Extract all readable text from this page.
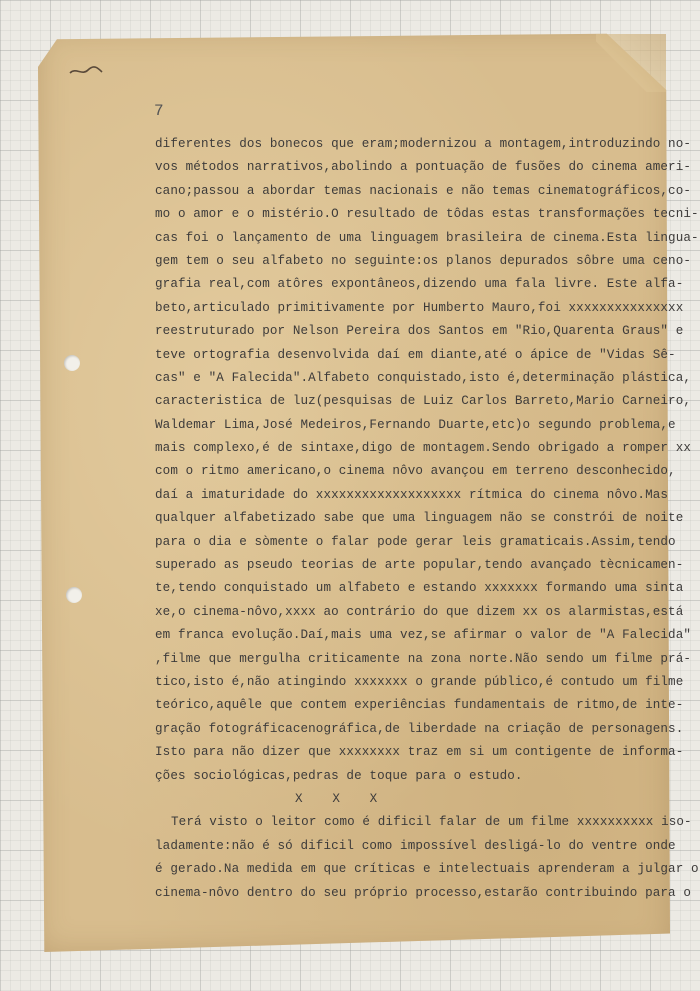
7
diferentes dos bonecos que eram;modernizou a montagem,introduzindo no-
vos métodos narrativos,abolindo a pontuação de fusões do cinema ameri-
cano;passou a abordar temas nacionais e não temas cinematográficos,co-
mo o amor e o mistério.O resultado de tôdas estas transformações tecni-
cas foi o lançamento de uma linguagem brasileira de cinema.Esta lingua-
gem tem o seu alfabeto no seguinte:os planos depurados sôbre uma ceno-
grafia real,com atôres expontâneos,dizendo uma fala livre. Este alfa-
beto,articulado primitivamente por Humberto Mauro,foi xxxxxxxxxxxxxxx
reestruturado por Nelson Pereira dos Santos em "Rio,Quarenta Graus" e
teve ortografia desenvolvida daí em diante,até o ápice de "Vidas Sê-
cas" e "A Falecida".Alfabeto conquistado,isto é,determinação plástica,
caracteristica de luz(pesquisas de Luiz Carlos Barreto,Mario Carneiro,
Waldemar Lima,José Medeiros,Fernando Duarte,etc)o segundo problema,e
mais complexo,é de sintaxe,digo de montagem.Sendo obrigado a romper xx
com o ritmo americano,o cinema nôvo avançou em terreno desconhecido,
daí a imaturidade do xxxxxxxxxxxxxxxxxxx rítmica do cinema nôvo.Mas
qualquer alfabetizado sabe que uma linguagem não se constrói de noite
para o dia e sòmente o falar pode gerar leis gramaticais.Assim,tendo
superado as pseudo teorias de arte popular,tendo avançado tècnicamen-
te,tendo conquistado um alfabeto e estando xxxxxxx formando uma sinta
xe,o cinema-nôvo,xxxx ao contrário do que dizem xx os alarmistas,está
em franca evolução.Daí,mais uma vez,se afirmar o valor de "A Falecida"
,filme que mergulha criticamente na zona norte.Não sendo um filme prá-
tico,isto é,não atingindo xxxxxxx o grande público,é contudo um filme
teórico,aquêle que contem experiências fundamentais de ritmo,de inte-
gração fotográficacenográfica,de liberdade na criação de personagens.
Isto para não dizer que xxxxxxxx traz em si um contigente de informa-
ções sociológicas,pedras de toque para o estudo.
X X X
Terá visto o leitor como é dificil falar de um filme xxxxxxxxxx iso-
ladamente:não é só dificil como impossível desligá-lo do ventre onde
é gerado.Na medida em que críticas e intelectuais aprenderam a julgar o
cinema-nôvo dentro do seu próprio processo,estarão contribuindo para o
